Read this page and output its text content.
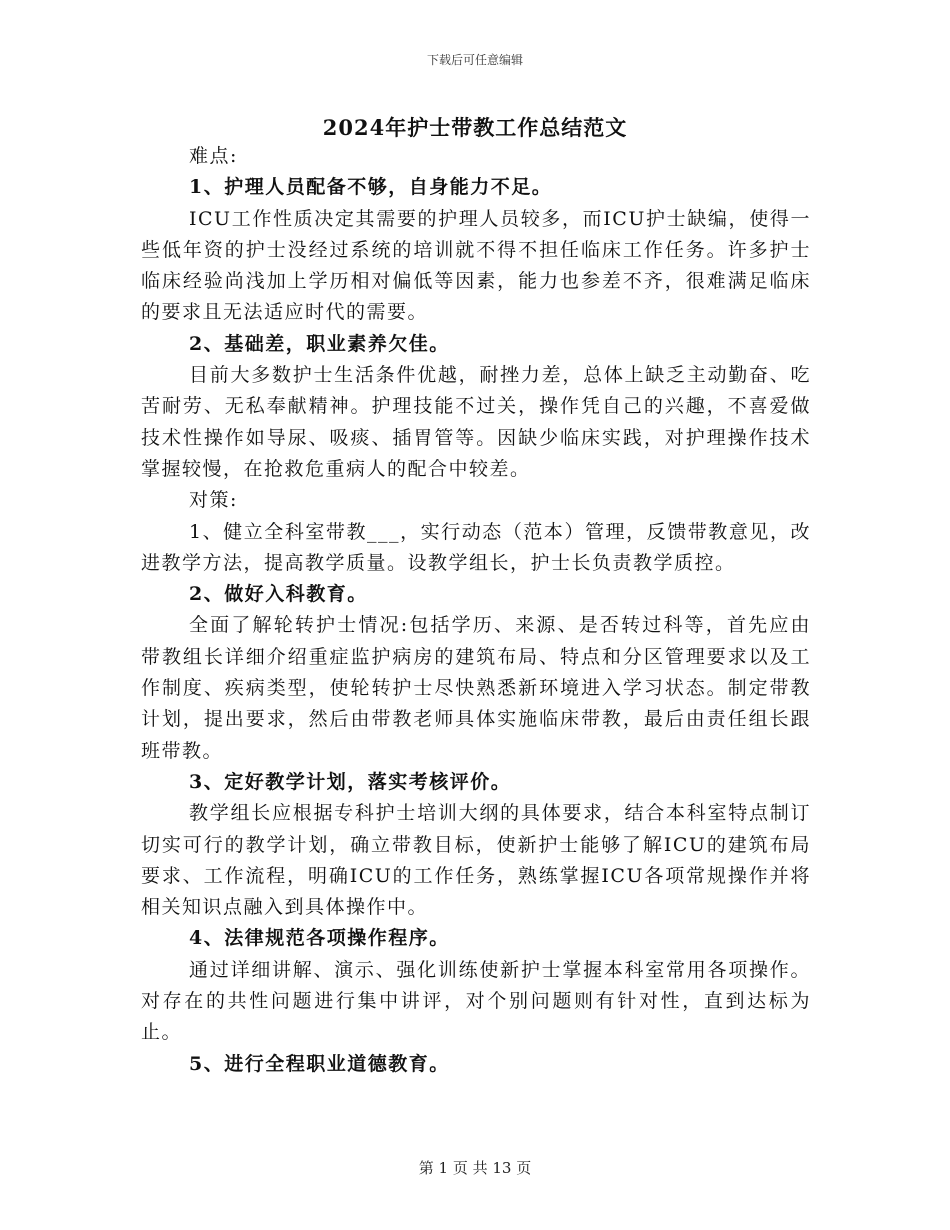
下载后可任意编辑
2024年护士带教工作总结范文

难点:

1、护理人员配备不够，自身能力不足。

ICU工作性质决定其需要的护理人员较多，而ICU护士缺编，使得一些低年资的护士没经过系统的培训就不得不担任临床工作任务。许多护士临床经验尚浅加上学历相对偏低等因素，能力也参差不齐，很难满足临床的要求且无法适应时代的需要。

2、基础差，职业素养欠佳。

目前大多数护士生活条件优越，耐挫力差，总体上缺乏主动勤奋、吃苦耐劳、无私奉献精神。护理技能不过关，操作凭自己的兴趣，不喜爱做技术性操作如导尿、吸痰、插胃管等。因缺少临床实践，对护理操作技术掌握较慢，在抢救危重病人的配合中较差。

对策:

1、健立全科室带教___，实行动态（范本）管理，反馈带教意见，改进教学方法，提高教学质量。设教学组长，护士长负责教学质控。

2、做好入科教育。

全面了解轮转护士情况:包括学历、来源、是否转过科等，首先应由带教组长详细介绍重症监护病房的建筑布局、特点和分区管理要求以及工作制度、疾病类型，使轮转护士尽快熟悉新环境进入学习状态。制定带教计划，提出要求，然后由带教老师具体实施临床带教，最后由责任组长跟班带教。

3、定好教学计划，落实考核评价。

教学组长应根据专科护士培训大纲的具体要求，结合本科室特点制订切实可行的教学计划，确立带教目标，使新护士能够了解ICU的建筑布局要求、工作流程，明确ICU的工作任务，熟练掌握ICU各项常规操作并将相关知识点融入到具体操作中。

4、法律规范各项操作程序。

通过详细讲解、演示、强化训练使新护士掌握本科室常用各项操作。对存在的共性问题进行集中讲评，对个别问题则有针对性，直到达标为止。

5、进行全程职业道德教育。

第 1 页 共 13 页
